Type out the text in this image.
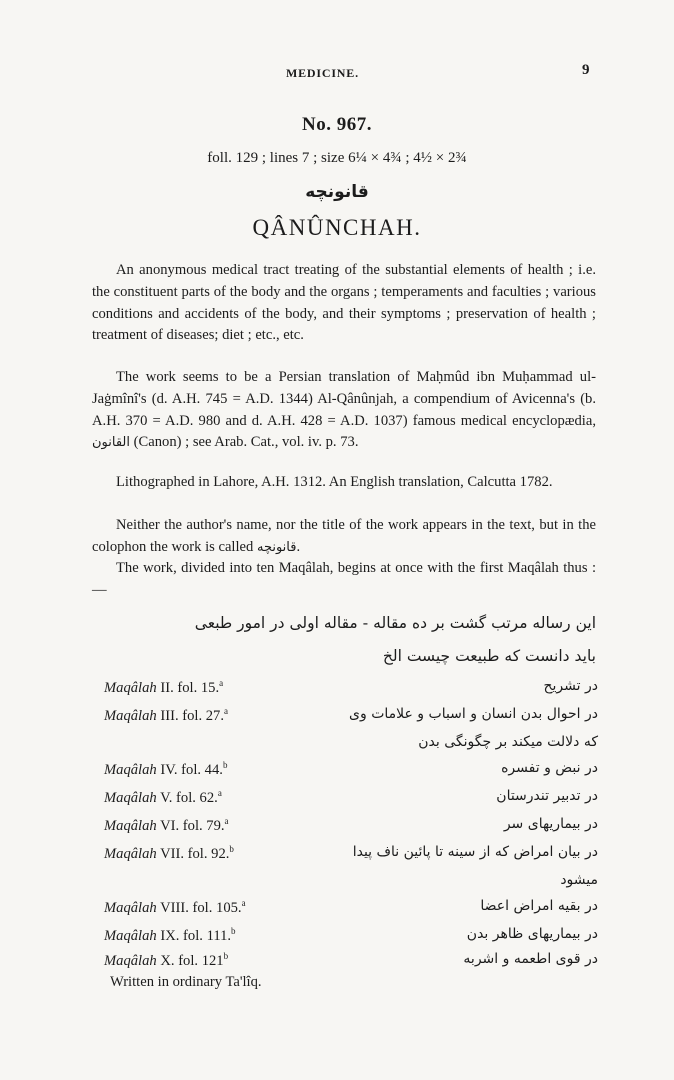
MEDICINE.	9
No. 967.
foll. 129 ; lines 7 ; size 6¼ × 4¾ ; 4½ × 2¾
قانونچه
QÂNÛNCHAH.

An anonymous medical tract treating of the substantial elements of health ; i.e. the constituent parts of the body and the organs ; temperaments and faculties ; various conditions and accidents of the body, and their symptoms ; preservation of health ; treatment of diseases; diet ; etc., etc.

The work seems to be a Persian translation of Maḥmûd ibn Muḥammad ul-Jaġmînî's (d. A.H. 745 = A.D. 1344) Al-Qânûnjah, a compendium of Avicenna's (b. A.H. 370 = A.D. 980 and d. A.H. 428 = A.D. 1037) famous medical encyclopædia, القانون (Canon) ; see Arab. Cat., vol. iv. p. 73.

Lithographed in Lahore, A.H. 1312. An English translation, Calcutta 1782.

Neither the author's name, nor the title of the work appears in the text, but in the colophon the work is called قانونچه.

The work, divided into ten Maqâlah, begins at once with the first Maqâlah thus :—

این رساله مرتب گشت بر ده مقاله - مقاله اولی در امور طبعی
باید دانست که طبیعت چیست الخ
Maqâlah II. fol. 15.$^a$	در تشریح
Maqâlah III. fol. 27.$^a$	در احوال بدن انسان و اسباب و علامات وی
که دلالت میکند بر چگونگی بدن
Maqâlah IV. fol. 44.$^b$	در نبض و تفسره
Maqâlah V. fol. 62.$^a$	در تدبیر تندرستان
Maqâlah VI. fol. 79.$^a$	در بیماریهای سر
Maqâlah VII. fol. 92.$^b$	در بیان امراض که از سینه تا پائین ناف پیدا
میشود
Maqâlah VIII. fol. 105.$^a$	در بقیه امراض اعضا
Maqâlah IX. fol. 111.$^b$	در بیماریهای ظاهر بدن
Maqâlah X. fol. 121$^b$	در قوی اطعمه و اشربه
Written in ordinary Ta'lîq.
